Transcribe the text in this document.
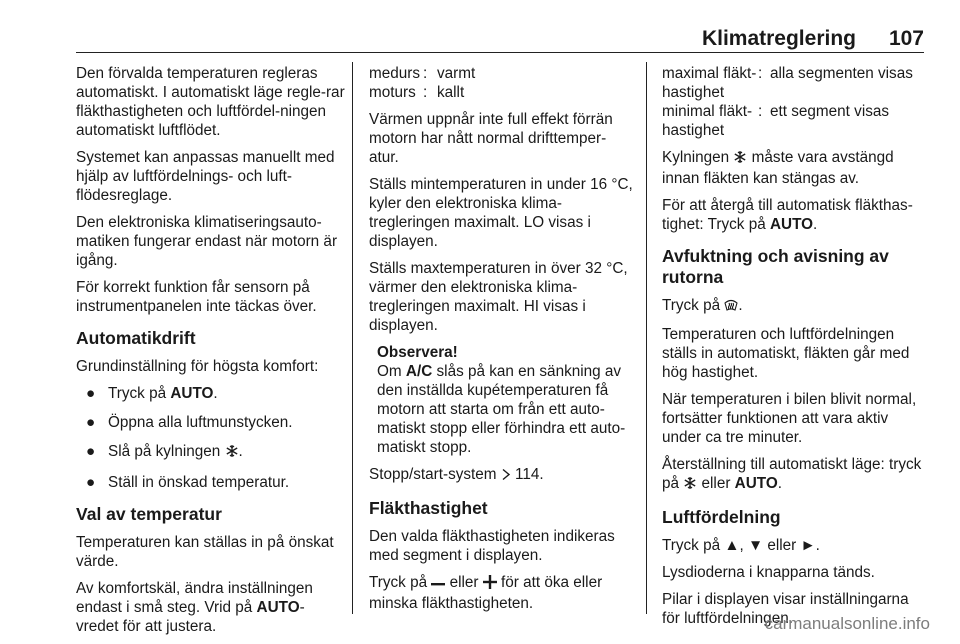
Klimatreglering 107

Den förvalda temperaturen regleras automatiskt. I automatiskt läge regle-rar fläkthastigheten och luftfördel-ningen automatiskt luftflödet.

Systemet kan anpassas manuellt med hjälp av luftfördelnings- och luft-flödesreglage.

Den elektroniska klimatiseringsauto-matiken fungerar endast när motorn är igång.

För korrekt funktion får sensorn på instrumentpanelen inte täckas över.

Automatikdrift

Grundinställning för högsta komfort:

● Tryck på AUTO.
● Öppna alla luftmunstycken.
● Slå på kylningen .
● Ställ in önskad temperatur.
Val av temperatur

Temperaturen kan ställas in på önskat värde.

Av komfortskäl, ändra inställningen endast i små steg. Vrid på AUTO-vredet för att justera.

medurs : varmt
moturs : kallt

Värmen uppnår inte full effekt förrän motorn har nått normal drifttemper-atur.

Ställs mintemperaturen in under 16 °C, kyler den elektroniska klima-tregleringen maximalt. LO visas i displayen.

Ställs maxtemperaturen in över 32 °C, värmer den elektroniska klima-tregleringen maximalt. HI visas i displayen.

Observera!
Om A/C slås på kan en sänkning av den inställda kupétemperaturen få motorn att starta om från ett auto-matiskt stopp eller förhindra ett auto-matiskt stopp.

Stopp/start-system  114.

Fläkthastighet

Den valda fläkthastigheten indikeras med segment i displayen.

Tryck på  eller  för att öka eller minska fläkthastigheten.

maximal fläkt-hastighet
: alla segmenten visas
minimal fläkt-hastighet
: ett segment visas

Kylningen  måste vara avstängd innan fläkten kan stängas av.

För att återgå till automatisk fläkthas-tighet: Tryck på AUTO.

Avfuktning och avisning av rutorna

Tryck på .

Temperaturen och luftfördelningen ställs in automatiskt, fläkten går med hög hastighet.

När temperaturen i bilen blivit normal, fortsätter funktionen att vara aktiv under ca tre minuter.

Återställning till automatiskt läge: tryck på  eller AUTO.

Luftfördelning

Tryck på ▲, ▼ eller ►.

Lysdioderna i knapparna tänds.

Pilar i displayen visar inställningarna för luftfördelningen.

carmanualsonline.info
